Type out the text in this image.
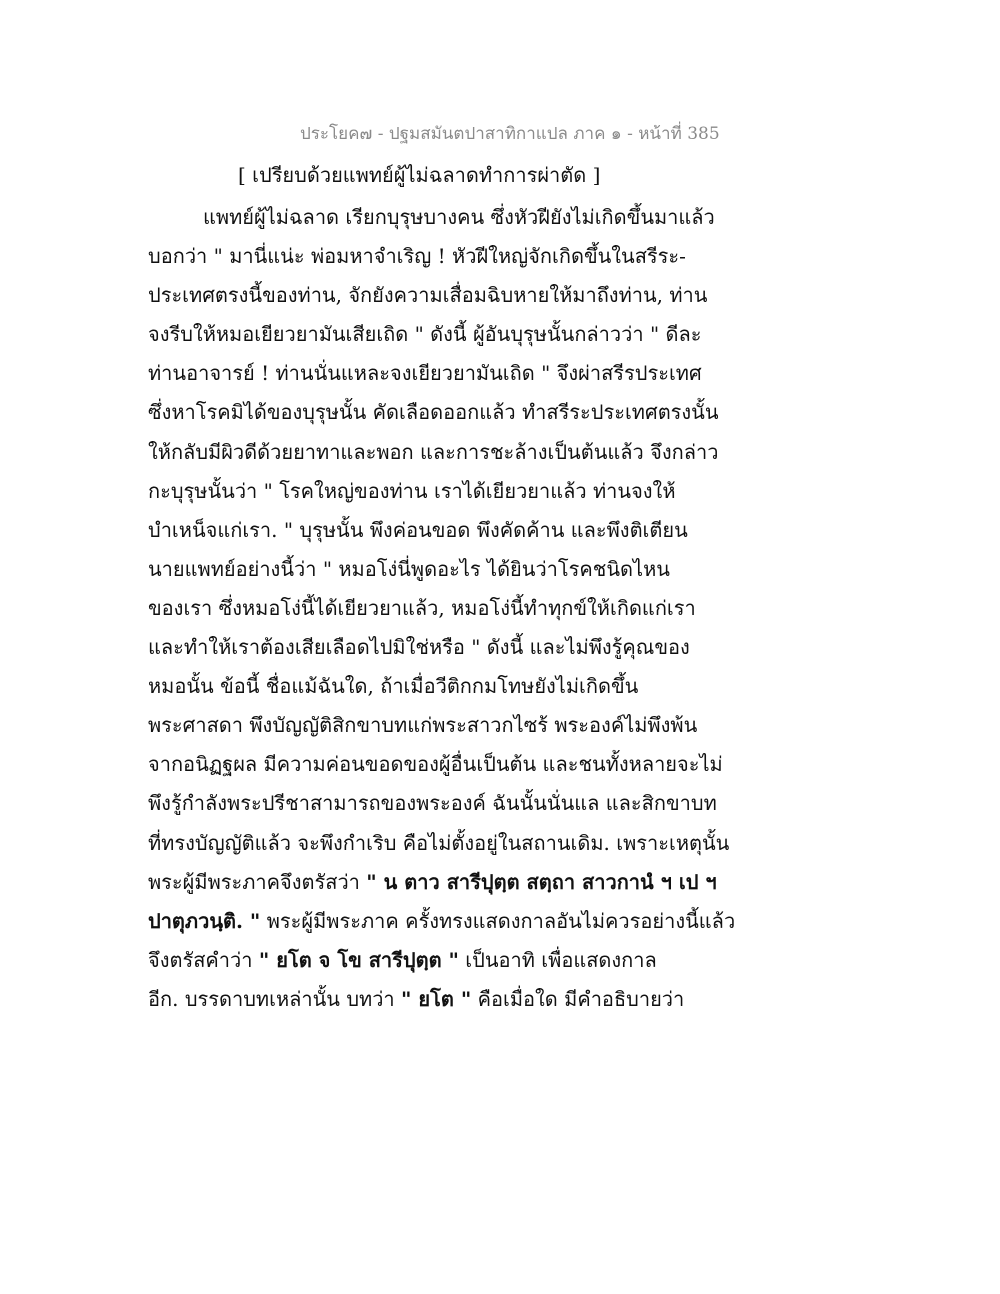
ประโยค๗ - ปฐมสมันตปาสาทิกาแปล ภาค ๑ - หน้าที่ 385
[ เปรียบด้วยแพทย์ผู้ไม่ฉลาดทำการผ่าตัด ]
แพทย์ผู้ไม่ฉลาด เรียกบุรุษบางคน ซึ่งหัวฝียังไม่เกิดขึ้นมาแล้ว
บอกว่า " มานี่แน่ะ พ่อมหาจำเริญ ! หัวฝีใหญ่จักเกิดขึ้นในสรีระ-
ประเทศตรงนี้ของท่าน, จักยังความเสื่อมฉิบหายให้มาถึงท่าน, ท่าน
จงรีบให้หมอเยียวยามันเสียเถิด " ดังนี้ ผู้อันบุรุษนั้นกล่าวว่า " ดีละ
ท่านอาจารย์ ! ท่านนั่นแหละจงเยียวยามันเถิด " จึงผ่าสรีรประเทศ
ซึ่งหาโรคมิได้ของบุรุษนั้น คัดเลือดออกแล้ว ทำสรีระประเทศตรงนั้น
ให้กลับมีผิวดีด้วยยาทาและพอก และการชะล้างเป็นต้นแล้ว จึงกล่าว
กะบุรุษนั้นว่า " โรคใหญ่ของท่าน เราได้เยียวยาแล้ว ท่านจงให้
บำเหน็จแก่เรา. " บุรุษนั้น พึงค่อนขอด พึงคัดค้าน และพึงติเตียน
นายแพทย์อย่างนี้ว่า " หมอโง่นี่พูดอะไร ได้ยินว่าโรคชนิดไหน
ของเรา ซึ่งหมอโง่นี้ได้เยียวยาแล้ว, หมอโง่นี้ทำทุกข์ให้เกิดแก่เรา
และทำให้เราต้องเสียเลือดไปมิใช่หรือ " ดังนี้ และไม่พึงรู้คุณของ
หมอนั้น ข้อนี้ ชื่อแม้ฉันใด, ถ้าเมื่อวีติกกมโทษยังไม่เกิดขึ้น
พระศาสดา พึงบัญญัติสิกขาบทแก่พระสาวกไซร้ พระองค์ไม่พึงพ้น
จากอนิฏฐผล มีความค่อนขอดของผู้อื่นเป็นต้น และชนทั้งหลายจะไม่
พึงรู้กำลังพระปรีชาสามารถของพระองค์ ฉันนั้นนั่นแล และสิกขาบท
ที่ทรงบัญญัติแล้ว จะพึงกำเริบ คือไม่ตั้งอยู่ในสถานเดิม. เพราะเหตุนั้น
พระผู้มีพระภาคจึงตรัสว่า " น ตาว สารีปุตฺต สตฺถา สาวกานํ ฯ เป ฯ
ปาตุภวนฺติ. " พระผู้มีพระภาค ครั้งทรงแสดงกาลอันไม่ควรอย่างนี้แล้ว
จึงตรัสคำว่า " ยโต จ โข สารีปุตฺต " เป็นอาทิ เพื่อแสดงกาล
อีก. บรรดาบทเหล่านั้น บทว่า " ยโต " คือเมื่อใด มีคำอธิบายว่า
